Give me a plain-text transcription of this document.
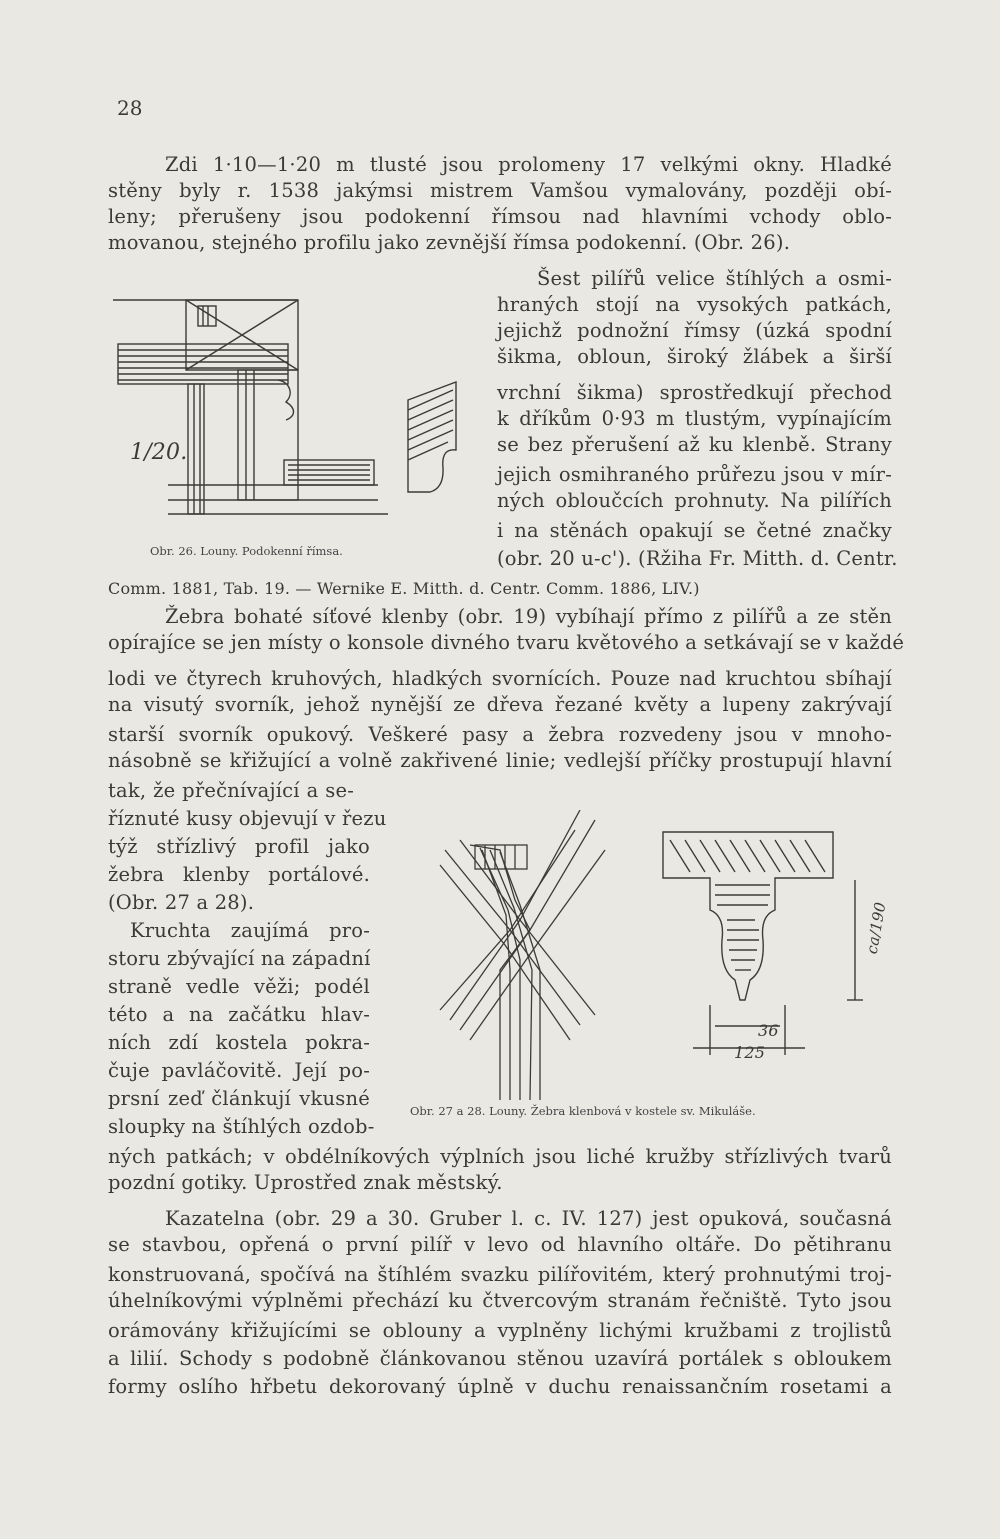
28
Zdi 1·10—1·20 m tlusté jsou prolomeny 17 velkými okny. Hladké
stěny byly r. 1538 jakýmsi mistrem Vamšou vymalovány, později obí-
leny; přerušeny jsou podokenní římsou nad hlavními vchody oblo-
movanou, stejného profilu jako zevnější římsa podokenní. (Obr. 26).
Šest pilířů velice štíhlých a osmi-
hraných stojí na vysokých patkách,
jejichž podnožní římsy (úzká spodní
šikma, obloun, široký žlábek a širší
vrchní šikma) sprostředkují přechod
k dříkům 0·93 m tlustým, vypínajícím
se bez přerušení až ku klenbě. Strany
jejich osmihraného průřezu jsou v mír-
ných obloučcích prohnuty. Na pilířích
i na stěnách opakují se četné značky
(obr. 20 u-c'). (Ržiha Fr. Mitth. d. Centr.
Comm. 1881, Tab. 19. — Wernike E. Mitth. d. Centr. Comm. 1886, LIV.)
Žebra bohaté síťové klenby (obr. 19) vybíhají přímo z pilířů a ze stěn
opírajíce se jen místy o konsole divného tvaru květového a setkávají se v každé
lodi ve čtyrech kruhových, hladkých svornících. Pouze nad kruchtou sbíhají
na visutý svorník, jehož nynější ze dřeva řezané květy a lupeny zakrývají
starší svorník opukový. Veškeré pasy a žebra rozvedeny jsou v mnoho-
násobně se křižující a volně zakřivené linie; vedlejší příčky prostupují hlavní
tak, že přečnívající a se-
říznuté kusy objevují v řezu
týž střízlivý profil jako
žebra klenby portálové.
(Obr. 27 a 28).
Kruchta zaujímá pro-
storu zbývající na západní
straně vedle věži; podél
této a na začátku hlav-
ních zdí kostela pokra-
čuje pavláčovitě. Její po-
prsní zeď článkují vkusné
sloupky na štíhlých ozdob-
ných patkách; v obdélníkových výplních jsou liché kružby střízlivých tvarů
pozdní gotiky. Uprostřed znak městský.
Kazatelna (obr. 29 a 30. Gruber l. c. IV. 127) jest opuková, současná
se stavbou, opřená o první pilíř v levo od hlavního oltáře. Do pětihranu
konstruovaná, spočívá na štíhlém svazku pilířovitém, který prohnutými troj-
úhelníkovými výplněmi přechází ku čtvercovým stranám řečniště. Tyto jsou
orámovány křižujícími se oblouny a vyplněny lichými kružbami z trojlistů
a lilií. Schody s podobně článkovanou stěnou uzavírá portálek s obloukem
formy oslího hřbetu dekorovaný úplně v duchu renaissančním rosetami a
1/20.
Obr. 26. Louny. Podokenní římsa.
ca/190
36
125
Obr. 27 a 28. Louny. Žebra klenbová v kostele sv. Mikuláše.
